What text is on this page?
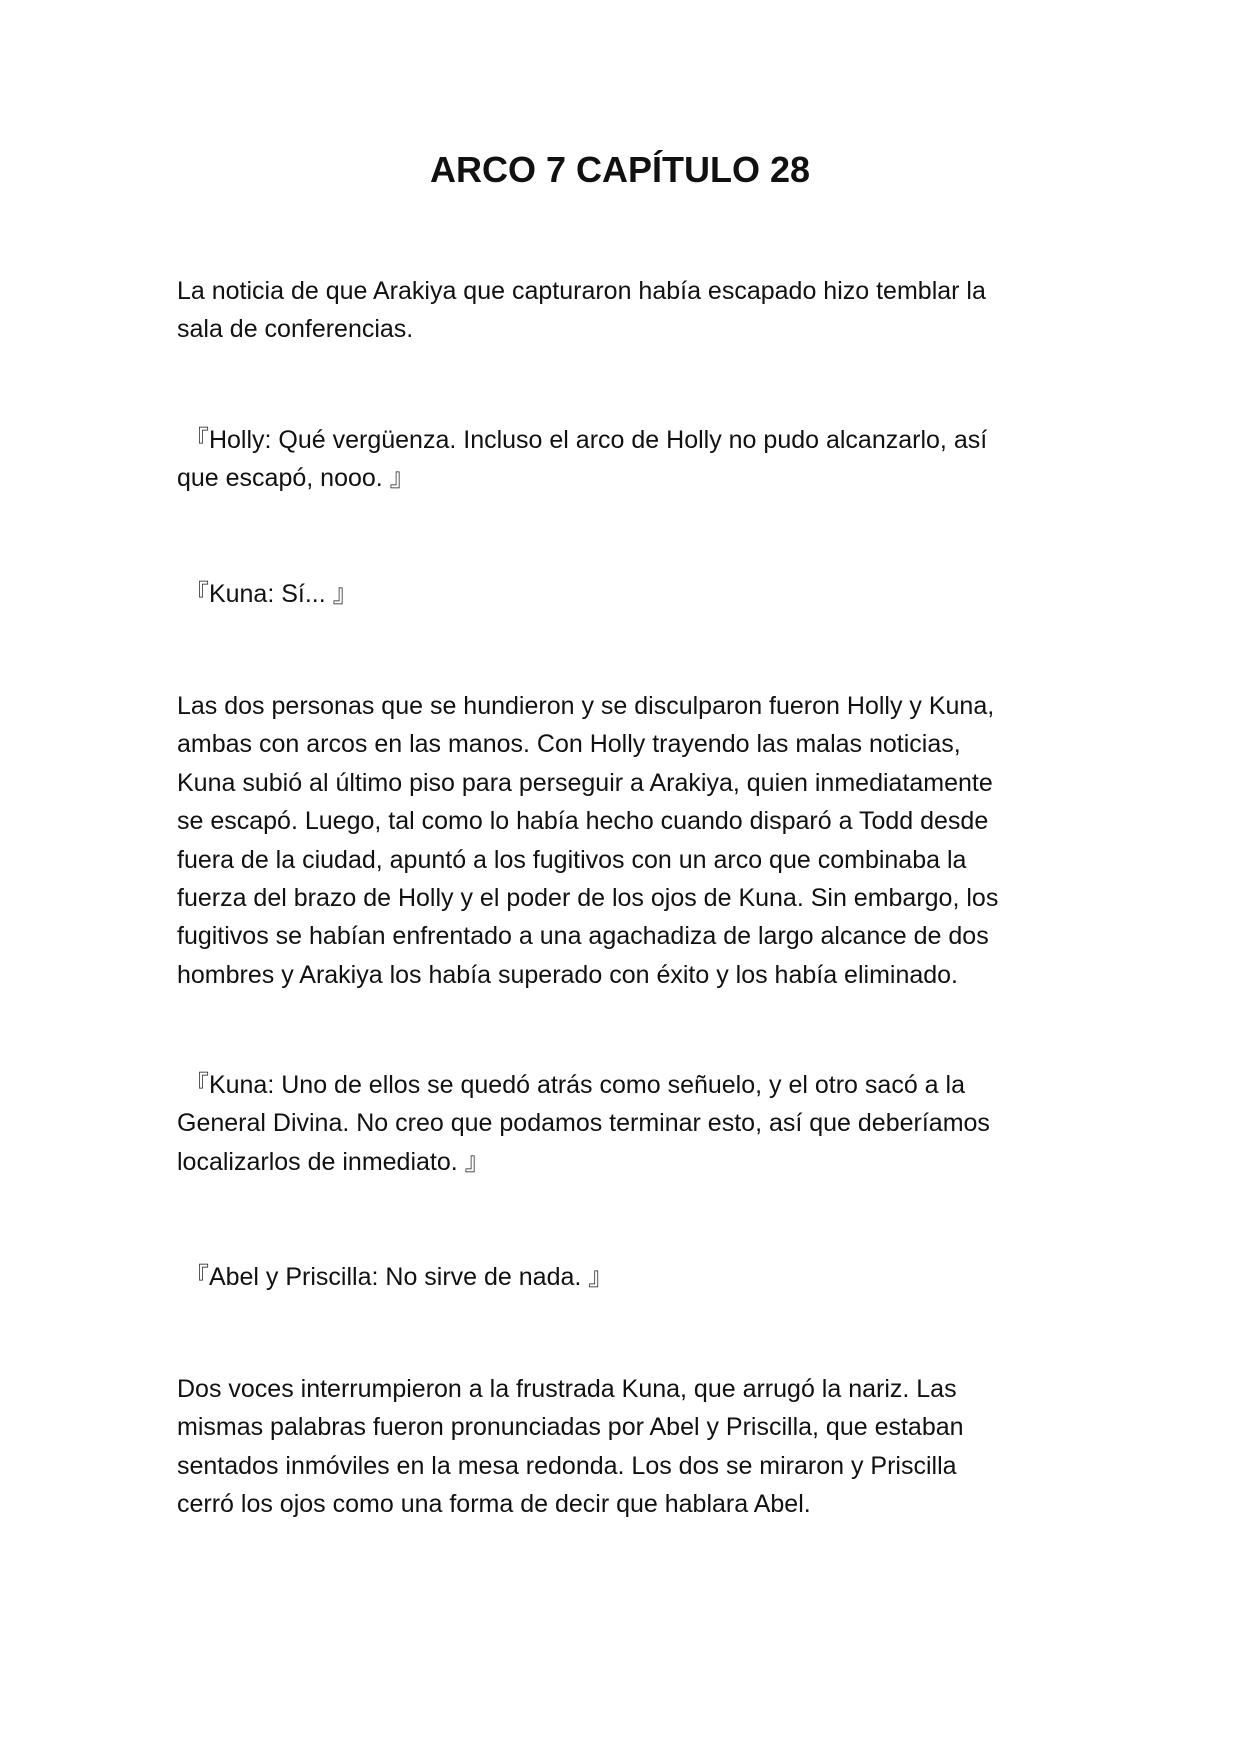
ARCO 7 CAPÍTULO 28

La noticia de que Arakiya que capturaron había escapado hizo temblar la
sala de conferencias.

『Holly: Qué vergüenza. Incluso el arco de Holly no pudo alcanzarlo, así
que escapó, nooo. 』

『Kuna: Sí... 』

Las dos personas que se hundieron y se disculparon fueron Holly y Kuna,
ambas con arcos en las manos. Con Holly trayendo las malas noticias,
Kuna subió al último piso para perseguir a Arakiya, quien inmediatamente
se escapó. Luego, tal como lo había hecho cuando disparó a Todd desde
fuera de la ciudad, apuntó a los fugitivos con un arco que combinaba la
fuerza del brazo de Holly y el poder de los ojos de Kuna. Sin embargo, los
fugitivos se habían enfrentado a una agachadiza de largo alcance de dos
hombres y Arakiya los había superado con éxito y los había eliminado.

『Kuna: Uno de ellos se quedó atrás como señuelo, y el otro sacó a la
General Divina. No creo que podamos terminar esto, así que deberíamos
localizarlos de inmediato. 』

『Abel y Priscilla: No sirve de nada. 』

Dos voces interrumpieron a la frustrada Kuna, que arrugó la nariz. Las
mismas palabras fueron pronunciadas por Abel y Priscilla, que estaban
sentados inmóviles en la mesa redonda. Los dos se miraron y Priscilla
cerró los ojos como una forma de decir que hablara Abel.
